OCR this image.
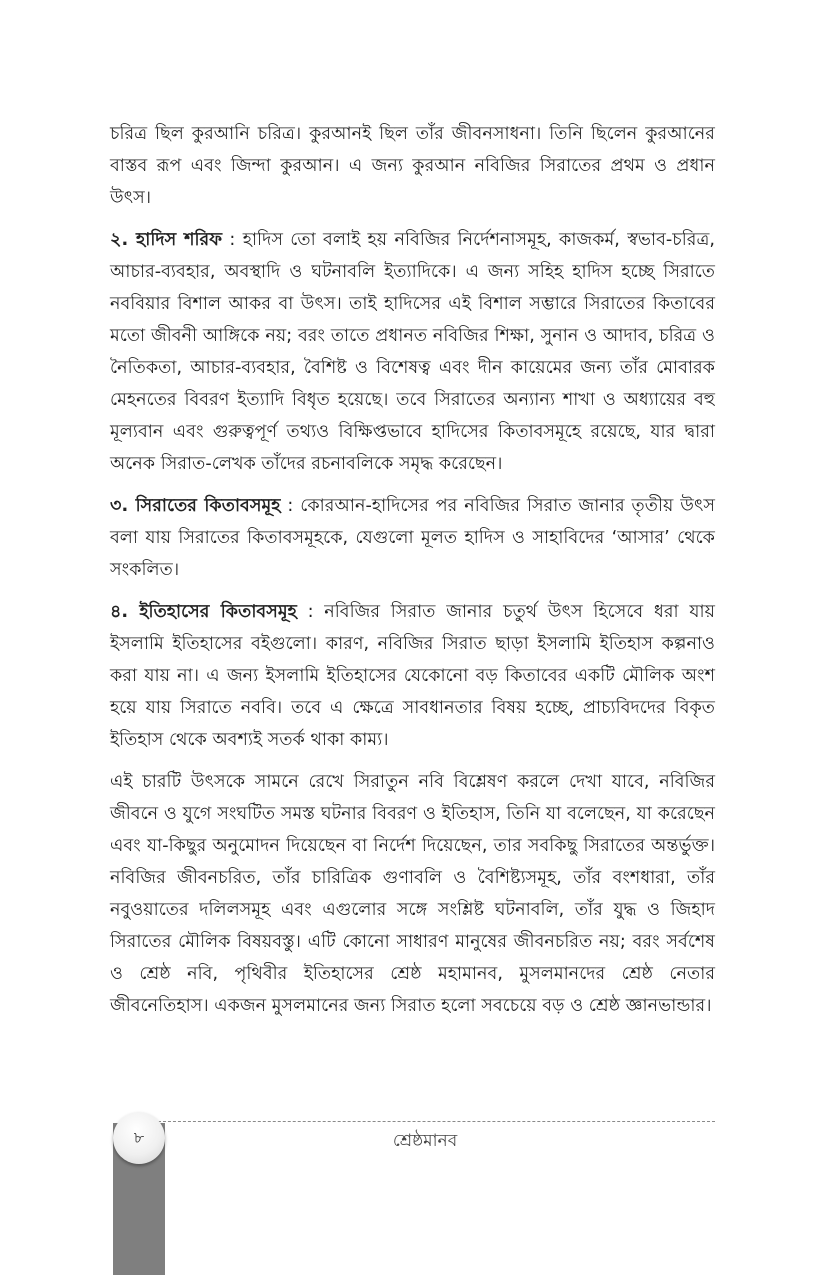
চরিত্র ছিল কুরআনি চরিত্র। কুরআনই ছিল তাঁর জীবনসাধনা। তিনি ছিলেন কুরআনের বাস্তব রূপ এবং জিন্দা কুরআন। এ জন্য কুরআন নবিজির সিরাতের প্রথম ও প্রধান উৎস।

২. হাদিস শরিফ : হাদিস তো বলাই হয় নবিজির নির্দেশনাসমূহ, কাজকর্ম, স্বভাব-চরিত্র, আচার-ব্যবহার, অবস্থাদি ও ঘটনাবলি ইত্যাদিকে। এ জন্য সহিহ হাদিস হচ্ছে সিরাতে নববিয়ার বিশাল আকর বা উৎস। তাই হাদিসের এই বিশাল সম্ভারে সিরাতের কিতাবের মতো জীবনী আঙ্গিকে নয়; বরং তাতে প্রধানত নবিজির শিক্ষা, সুনান ও আদাব, চরিত্র ও নৈতিকতা, আচার-ব্যবহার, বৈশিষ্ট ও বিশেষত্ব এবং দীন কায়েমের জন্য তাঁর মোবারক মেহনতের বিবরণ ইত্যাদি বিধৃত হয়েছে। তবে সিরাতের অন্যান্য শাখা ও অধ্যায়ের বহু মূল্যবান এবং গুরুত্বপূর্ণ তথ্যও বিক্ষিপ্তভাবে হাদিসের কিতাবসমূহে রয়েছে, যার দ্বারা অনেক সিরাত-লেখক তাঁদের রচনাবলিকে সমৃদ্ধ করেছেন।

৩. সিরাতের কিতাবসমূহ : কোরআন-হাদিসের পর নবিজির সিরাত জানার তৃতীয় উৎস বলা যায় সিরাতের কিতাবসমূহকে, যেগুলো মূলত হাদিস ও সাহাবিদের ‘আসার’ থেকে সংকলিত।

৪. ইতিহাসের কিতাবসমূহ : নবিজির সিরাত জানার চতুর্থ উৎস হিসেবে ধরা যায় ইসলামি ইতিহাসের বইগুলো। কারণ, নবিজির সিরাত ছাড়া ইসলামি ইতিহাস কল্পনাও করা যায় না। এ জন্য ইসলামি ইতিহাসের যেকোনো বড় কিতাবের একটি মৌলিক অংশ হয়ে যায় সিরাতে নববি। তবে এ ক্ষেত্রে সাবধানতার বিষয় হচ্ছে, প্রাচ্যবিদদের বিকৃত ইতিহাস থেকে অবশ্যই সতর্ক থাকা কাম্য।

এই চারটি উৎসকে সামনে রেখে সিরাতুন নবি বিশ্লেষণ করলে দেখা যাবে, নবিজির জীবনে ও যুগে সংঘটিত সমস্ত ঘটনার বিবরণ ও ইতিহাস, তিনি যা বলেছেন, যা করেছেন এবং যা-কিছুর অনুমোদন দিয়েছেন বা নির্দেশ দিয়েছেন, তার সবকিছু সিরাতের অন্তর্ভুক্ত। নবিজির জীবনচরিত, তাঁর চারিত্রিক গুণাবলি ও বৈশিষ্ট্যসমূহ, তাঁর বংশধারা, তাঁর নবুওয়াতের দলিলসমূহ এবং এগুলোর সঙ্গে সংশ্লিষ্ট ঘটনাবলি, তাঁর যুদ্ধ ও জিহাদ সিরাতের মৌলিক বিষয়বস্তু। এটি কোনো সাধারণ মানুষের জীবনচরিত নয়; বরং সর্বশেষ ও শ্রেষ্ঠ নবি, পৃথিবীর ইতিহাসের শ্রেষ্ঠ মহামানব, মুসলমানদের শ্রেষ্ঠ নেতার জীবনেতিহাস। একজন মুসলমানের জন্য সিরাত হলো সবচেয়ে বড় ও শ্রেষ্ঠ জ্ঞানভান্ডার।

৮	শ্রেষ্ঠমানব
